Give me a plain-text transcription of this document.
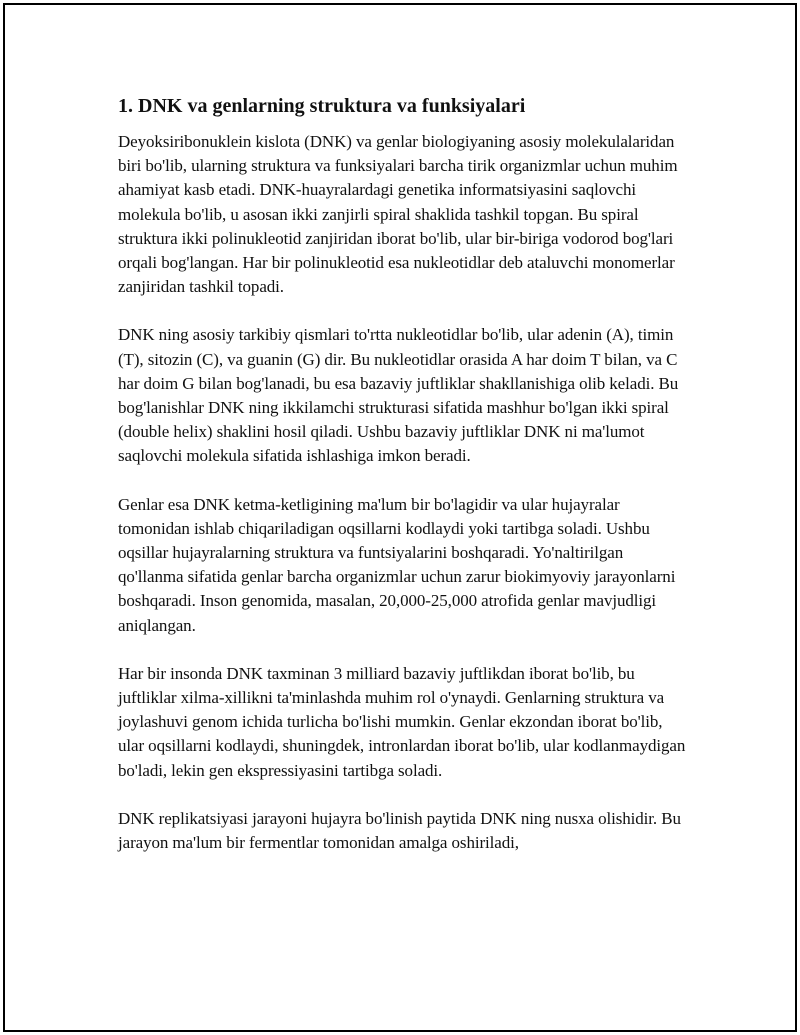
1. DNK va genlarning struktura va funksiyalari

Deyoksiribonuklein kislota (DNK) va genlar biologiyaning asosiy molekulalaridan biri bo'lib, ularning struktura va funksiyalari barcha tirik organizmlar uchun muhim ahamiyat kasb etadi. DNK-huayralardagi genetika informatsiyasini saqlovchi molekula bo'lib, u asosan ikki zanjirli spiral shaklida tashkil topgan. Bu spiral struktura ikki polinukleotid zanjiridan iborat bo'lib, ular bir-biriga vodorod bog'lari orqali bog'langan. Har bir polinukleotid esa nukleotidlar deb ataluvchi monomerlar zanjiridan tashkil topadi.

DNK ning asosiy tarkibiy qismlari to'rtta nukleotidlar bo'lib, ular adenin (A), timin (T), sitozin (C), va guanin (G) dir. Bu nukleotidlar orasida A har doim T bilan, va C har doim G bilan bog'lanadi, bu esa bazaviy juftliklar shakllanishiga olib keladi. Bu bog'lanishlar DNK ning ikkilamchi strukturasi sifatida mashhur bo'lgan ikki spiral (double helix) shaklini hosil qiladi. Ushbu bazaviy juftliklar DNK ni ma'lumot saqlovchi molekula sifatida ishlashiga imkon beradi.

Genlar esa DNK ketma-ketligining ma'lum bir bo'lagidir va ular hujayralar tomonidan ishlab chiqariladigan oqsillarni kodlaydi yoki tartibga soladi. Ushbu oqsillar hujayralarning struktura va funtsiyalarini boshqaradi. Yo'naltirilgan qo'llanma sifatida genlar barcha organizmlar uchun zarur biokimyoviy jarayonlarni boshqaradi. Inson genomida, masalan, 20,000-25,000 atrofida genlar mavjudligi aniqlangan.

Har bir insonda DNK taxminan 3 milliard bazaviy juftlikdan iborat bo'lib, bu juftliklar xilma-xillikni ta'minlashda muhim rol o'ynaydi. Genlarning struktura va joylashuvi genom ichida turlicha bo'lishi mumkin. Genlar ekzondan iborat bo'lib, ular oqsillarni kodlaydi, shuningdek, intronlardan iborat bo'lib, ular kodlanmaydigan bo'ladi, lekin gen ekspressiyasini tartibga soladi.

DNK replikatsiyasi jarayoni hujayra bo'linish paytida DNK ning nusxa olishidir. Bu jarayon ma'lum bir fermentlar tomonidan amalga oshiriladi,
